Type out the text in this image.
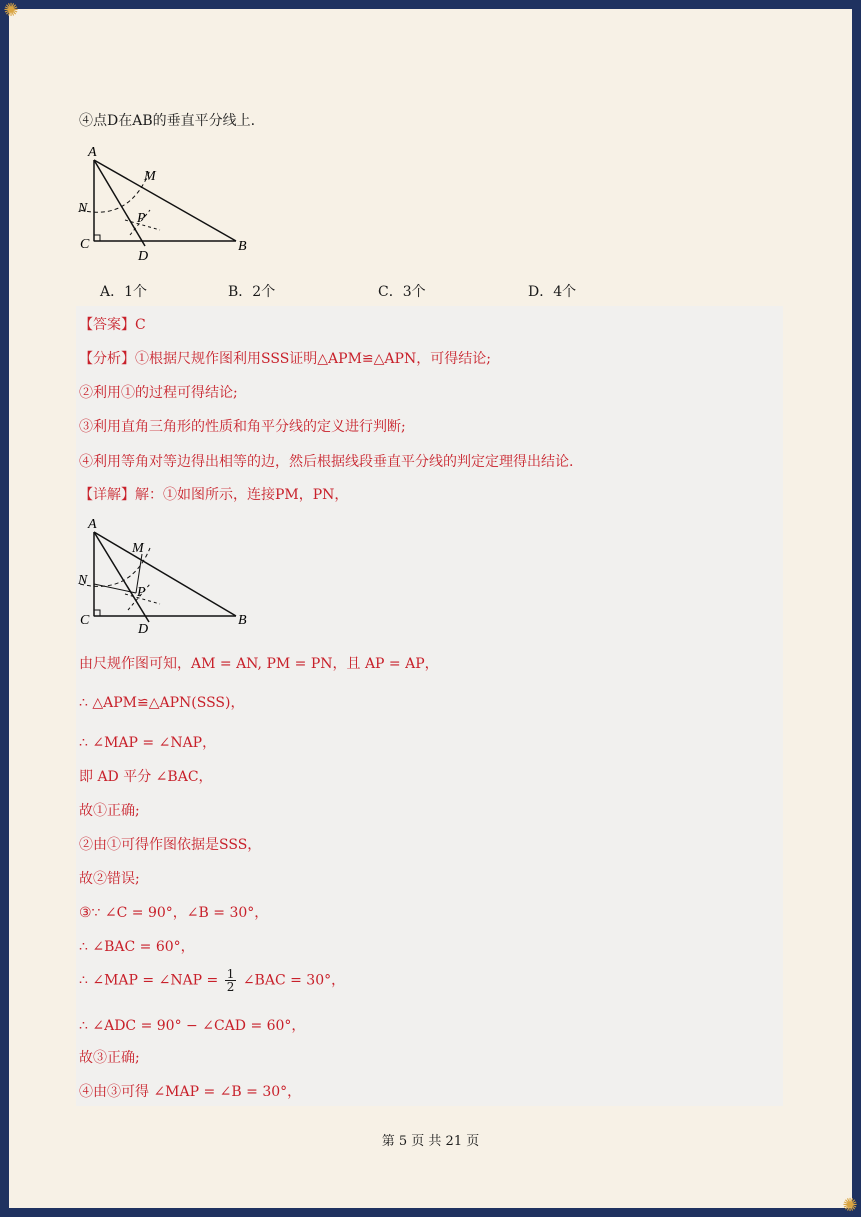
✺
✺
④点D在AB的垂直平分线上.
A
M
N
P
C
D
B
A．1个	B．2个	C．3个	D．4个
【答案】C
【分析】①根据尺规作图利用SSS证明△APM≌△APN，可得结论;
②利用①的过程可得结论;
③利用直角三角形的性质和角平分线的定义进行判断;
④利用等角对等边得出相等的边，然后根据线段垂直平分线的判定定理得出结论.
【详解】解：①如图所示，连接PM，PN，
A
M
N
P
C
D
B
由尺规作图可知，AM = AN, PM = PN，且 AP = AP，
∴ △APM≌△APN(SSS)，
∴ ∠MAP = ∠NAP，
即 AD 平分 ∠BAC，
故①正确;
②由①可得作图依据是SSS，
故②错误;
③∵ ∠C = 90°，∠B = 30°，
∴ ∠BAC = 60°，
∴ ∠MAP = ∠NAP = $\frac{1}{2}$ ∠BAC = 30°，
∴ ∠ADC = 90° − ∠CAD = 60°，
故③正确;
④由③可得 ∠MAP = ∠B = 30°，
第 5 页 共 21 页
